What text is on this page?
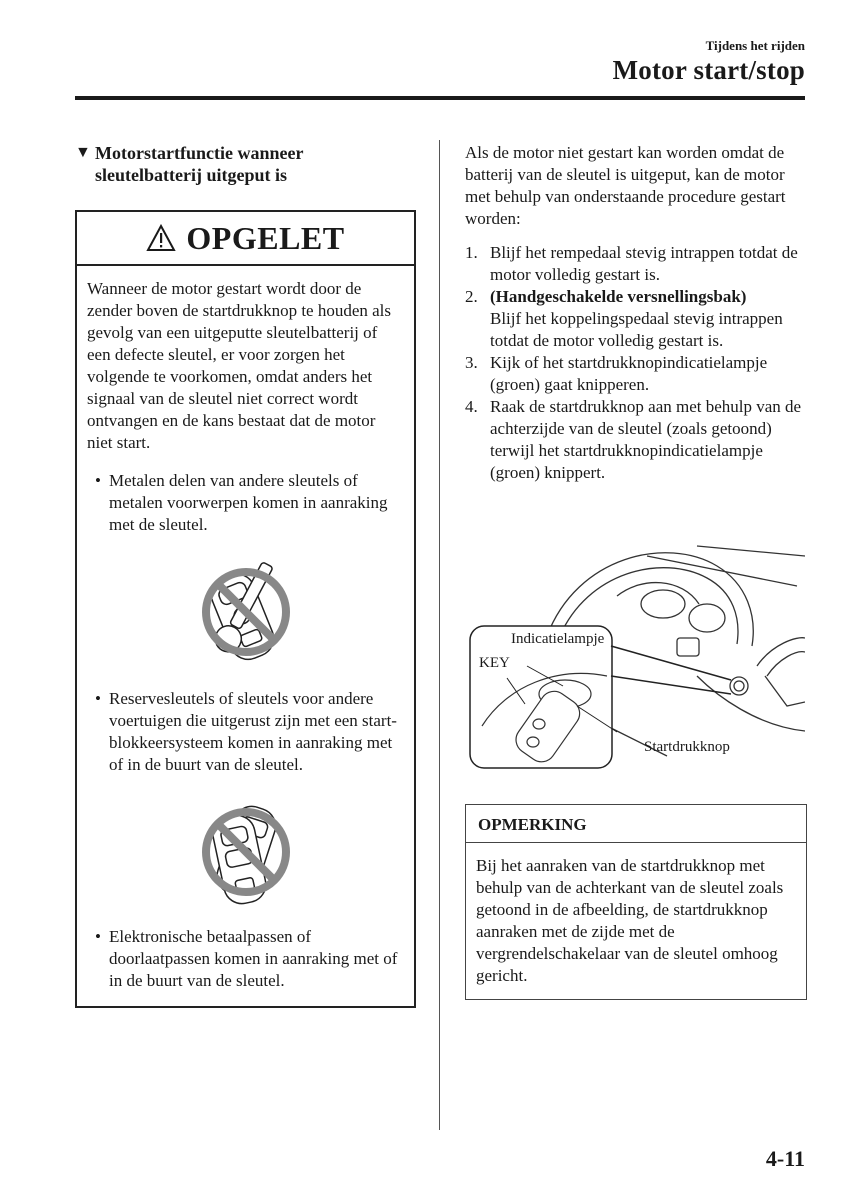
Tijdens het rijden
Motor start/stop
▼ Motorstartfunctie wanneer
sleutelbatterij uitgeput is
OPGELET

Wanneer de motor gestart wordt door de zender boven de startdrukknop te houden als gevolg van een uitgeputte sleutelbatterij of een defecte sleutel, er voor zorgen het volgende te voorkomen, omdat anders het signaal van de sleutel niet correct wordt ontvangen en de kans bestaat dat de motor niet start.

• Metalen delen van andere sleutels of metalen voorwerpen komen in aanraking met de sleutel.
• Reservesleutels of sleutels voor andere voertuigen die uitgerust zijn met een start-blokkeersysteem komen in aanraking met of in de buurt van de sleutel.
• Elektronische betaalpassen of doorlaatpassen komen in aanraking met of in de buurt van de sleutel.

Als de motor niet gestart kan worden omdat de batterij van de sleutel is uitgeput, kan de motor met behulp van onderstaande procedure gestart worden:

1. Blijf het rempedaal stevig intrappen totdat de motor volledig gestart is.
2. (Handgeschakelde versnellingsbak)
Blijf het koppelingspedaal stevig intrappen totdat de motor volledig gestart is.
3. Kijk of het startdrukknopindicatielampje (groen) gaat knipperen.
4. Raak de startdrukknop aan met behulp van de achterzijde van de sleutel (zoals getoond) terwijl het startdrukknopindicatielampje (groen) knippert.
Indicatielampje
KEY
Startdrukknop
OPMERKING
Bij het aanraken van de startdrukknop met behulp van de achterkant van de sleutel zoals getoond in de afbeelding, de startdrukknop aanraken met de zijde met de vergrendelschakelaar van de sleutel omhoog gericht.
4-11
